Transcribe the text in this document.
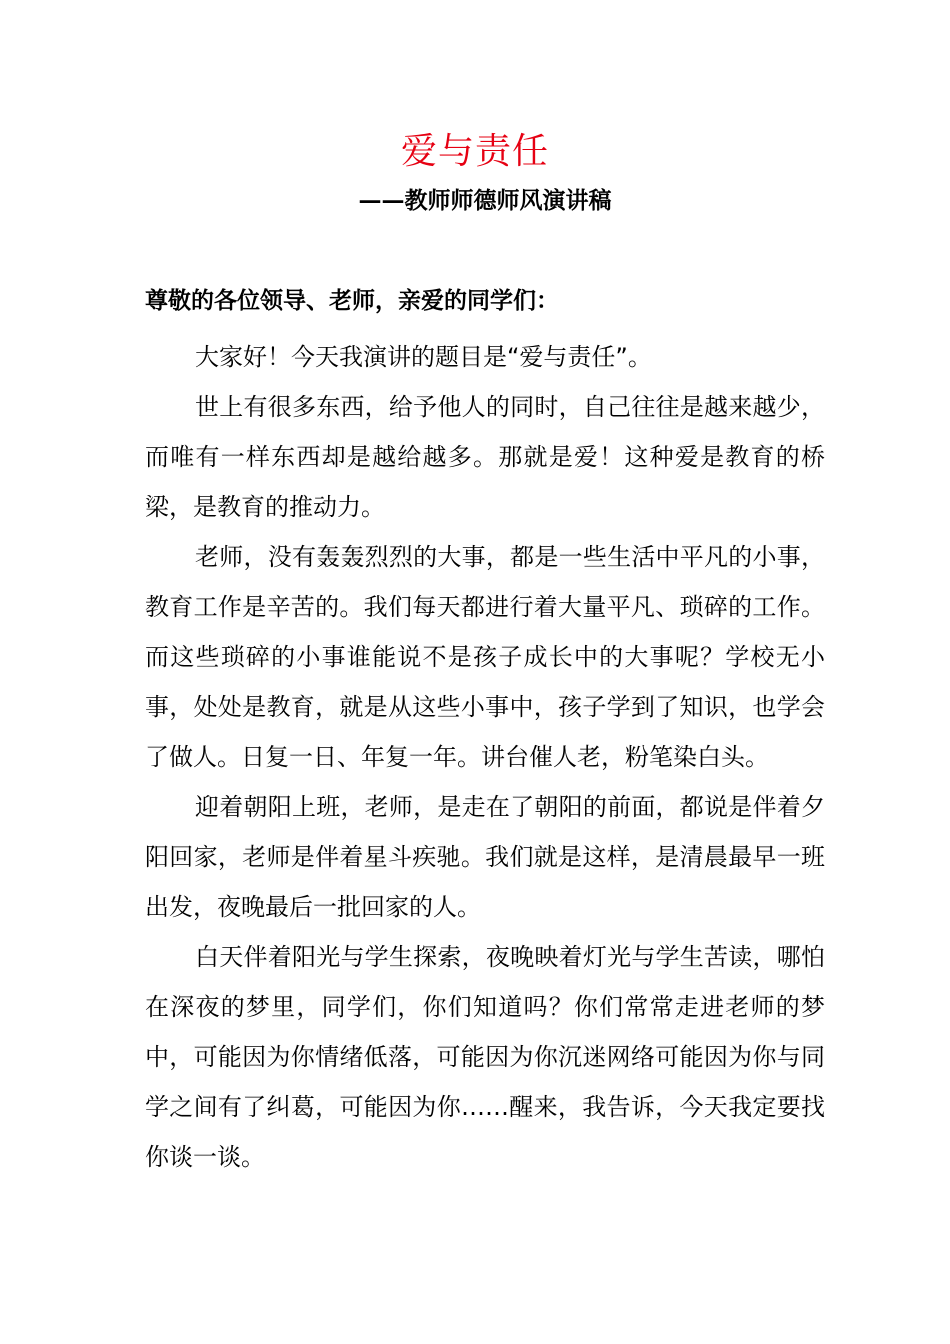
爱与责任
——教师师德师风演讲稿
尊敬的各位领导、老师，亲爱的同学们：

大家好！今天我演讲的题目是“爱与责任”。

世上有很多东西，给予他人的同时，自己往往是越来越少，而唯有一样东西却是越给越多。那就是爱！这种爱是教育的桥梁，是教育的推动力。

老师，没有轰轰烈烈的大事，都是一些生活中平凡的小事，教育工作是辛苦的。我们每天都进行着大量平凡、琐碎的工作。而这些琐碎的小事谁能说不是孩子成长中的大事呢？学校无小事，处处是教育，就是从这些小事中，孩子学到了知识，也学会了做人。日复一日、年复一年。讲台催人老，粉笔染白头。

迎着朝阳上班，老师，是走在了朝阳的前面，都说是伴着夕阳回家，老师是伴着星斗疾驰。我们就是这样，是清晨最早一班出发，夜晚最后一批回家的人。

白天伴着阳光与学生探索，夜晚映着灯光与学生苦读，哪怕在深夜的梦里，同学们，你们知道吗？你们常常走进老师的梦中，可能因为你情绪低落，可能因为你沉迷网络可能因为你与同学之间有了纠葛，可能因为你……醒来，我告诉，今天我定要找你谈一谈。
